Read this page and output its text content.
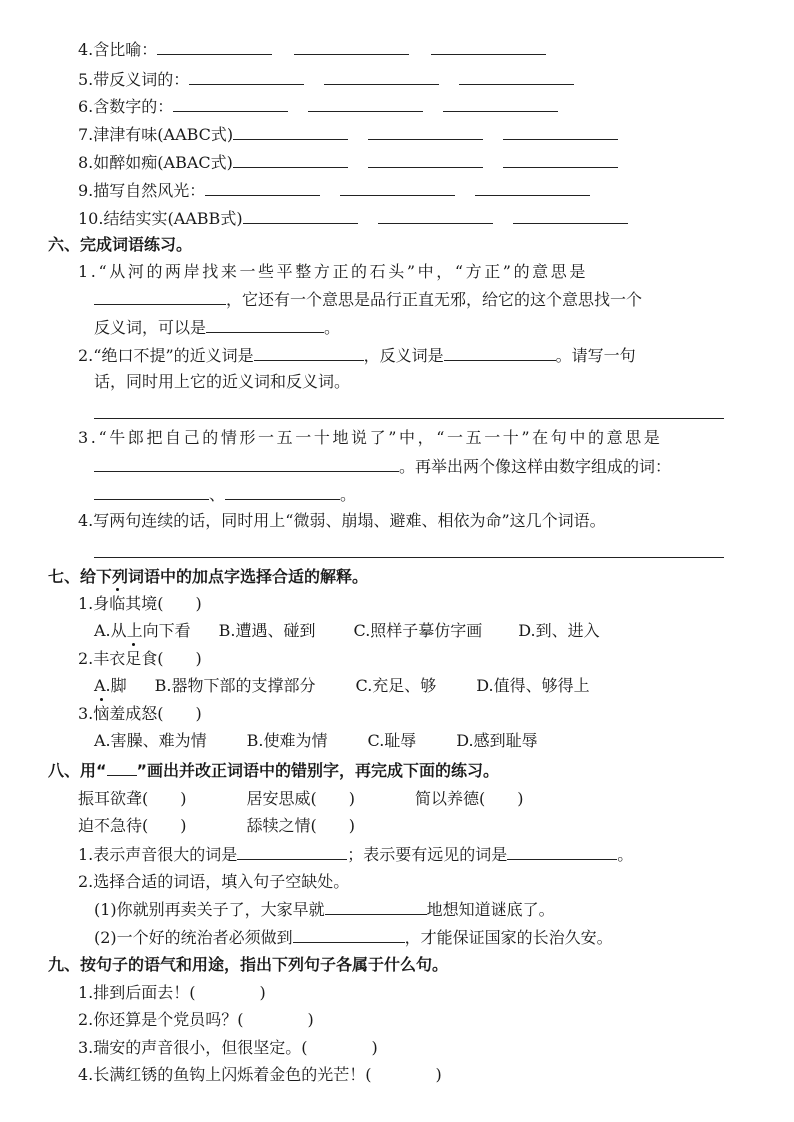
4.含比喻：
5.带反义词的：
6.含数字的：
7.津津有味(AABC式)
8.如醉如痴(ABAC式)
9.描写自然风光：
10.结结实实(AABB式)
六、完成词语练习。
1.“从河的两岸找来一些平整方正的石头”中，“方正”的意思是
，它还有一个意思是品行正直无邪，给它的这个意思找一个
反义词，可以是	。
2.“绝口不提”的近义词是	，反义词是	。请写一句
话，同时用上它的近义词和反义词。
3.“牛郎把自己的情形一五一十地说了”中，“一五一十”在句中的意思是
。再举出两个像这样由数字组成的词：
、	。
4.写两句连续的话，同时用上“微弱、崩塌、避难、相依为命”这几个词语。
七、给下列词语中的加点字选择合适的解释。
1.身临其境(　　)
A.从上向下看 B.遭遇、碰到 C.照样子摹仿字画 D.到、进入
2.丰衣足食(　　)
A.脚 B.器物下部的支撑部分	C.充足、够	D.值得、够得上
3.恼羞成怒(　　)
A.害臊、难为情	B.使难为情	C.耻辱	D.感到耻辱
八、用“ ”画出并改正词语中的错别字，再完成下面的练习。
振耳欲聋(　　)	居安思威(　　)	简以养德(　　)
迫不急待(　　)	舔犊之情(　　)
1.表示声音很大的词是	；表示要有远见的词是	。
2.选择合适的词语，填入句子空缺处。
(1)你就别再卖关子了，大家早就	地想知道谜底了。
(2)一个好的统治者必须做到	，才能保证国家的长治久安。
九、按句子的语气和用途，指出下列句子各属于什么句。
1.排到后面去！(　　　　)
2.你还算是个党员吗？(　　　　)
3.瑞安的声音很小，但很坚定。(　　　　)
4.长满红锈的鱼钩上闪烁着金色的光芒！(　　　　)
